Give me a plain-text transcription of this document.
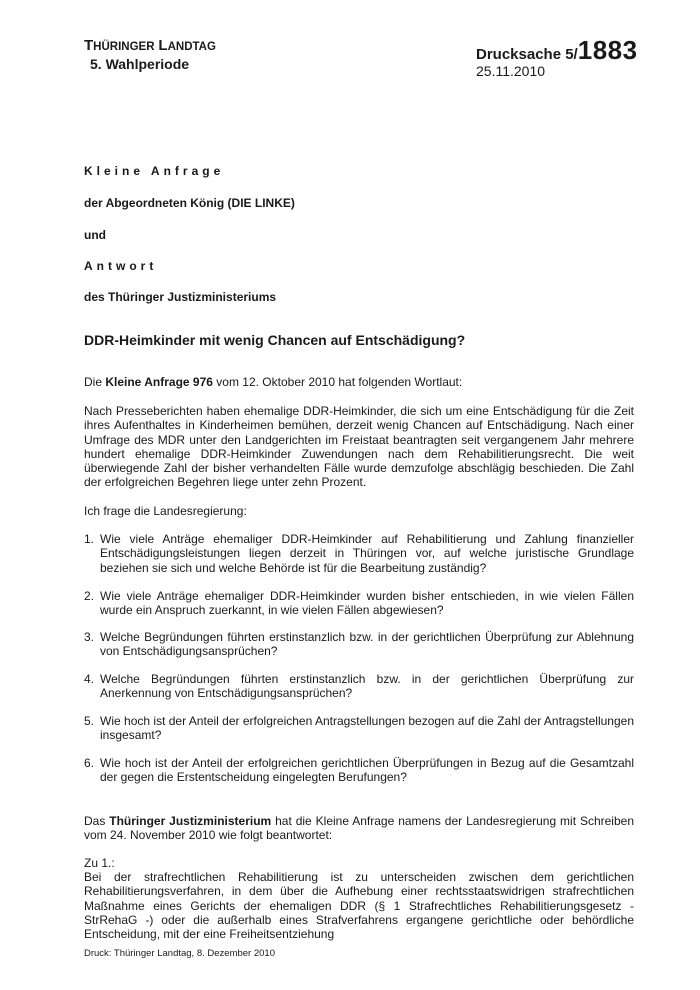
THÜRINGER LANDTAG
5. Wahlperiode
Drucksache 5/1883
25.11.2010
Kleine Anfrage
der Abgeordneten König (DIE LINKE)
und
Antwort
des Thüringer Justizministeriums
DDR-Heimkinder mit wenig Chancen auf Entschädigung?
Die Kleine Anfrage 976 vom 12. Oktober 2010 hat folgenden Wortlaut:
Nach Presseberichten haben ehemalige DDR-Heimkinder, die sich um eine Entschädigung für die Zeit ihres Aufenthaltes in Kinderheimen bemühen, derzeit wenig Chancen auf Entschädigung. Nach einer Umfrage des MDR unter den Landgerichten im Freistaat beantragten seit vergangenem Jahr mehrere hundert ehemalige DDR-Heimkinder Zuwendungen nach dem Rehabilitierungsrecht. Die weit überwiegende Zahl der bisher verhandelten Fälle wurde demzufolge abschlägig beschieden. Die Zahl der erfolgreichen Begehren liege unter zehn Prozent.
Ich frage die Landesregierung:
1. Wie viele Anträge ehemaliger DDR-Heimkinder auf Rehabilitierung und Zahlung finanzieller Entschädigungsleistungen liegen derzeit in Thüringen vor, auf welche juristische Grundlage beziehen sie sich und welche Behörde ist für die Bearbeitung zuständig?
2. Wie viele Anträge ehemaliger DDR-Heimkinder wurden bisher entschieden, in wie vielen Fällen wurde ein Anspruch zuerkannt, in wie vielen Fällen abgewiesen?
3. Welche Begründungen führten erstinstanzlich bzw. in der gerichtlichen Überprüfung zur Ablehnung von Entschädigungsansprüchen?
4. Welche Begründungen führten erstinstanzlich bzw. in der gerichtlichen Überprüfung zur Anerkennung von Entschädigungsansprüchen?
5. Wie hoch ist der Anteil der erfolgreichen Antragstellungen bezogen auf die Zahl der Antragstellungen insgesamt?
6. Wie hoch ist der Anteil der erfolgreichen gerichtlichen Überprüfungen in Bezug auf die Gesamtzahl der gegen die Erstentscheidung eingelegten Berufungen?
Das Thüringer Justizministerium hat die Kleine Anfrage namens der Landesregierung mit Schreiben vom 24. November 2010 wie folgt beantwortet:
Zu 1.:
Bei der strafrechtlichen Rehabilitierung ist zu unterscheiden zwischen dem gerichtlichen Rehabilitierungsverfahren, in dem über die Aufhebung einer rechtsstaatswidrigen strafrechtlichen Maßnahme eines Gerichts der ehemaligen DDR (§ 1 Strafrechtliches Rehabilitierungsgesetz - StrRehaG -) oder die außerhalb eines Strafverfahrens ergangene gerichtliche oder behördliche Entscheidung, mit der eine Freiheitsentziehung
Druck: Thüringer Landtag, 8. Dezember 2010
